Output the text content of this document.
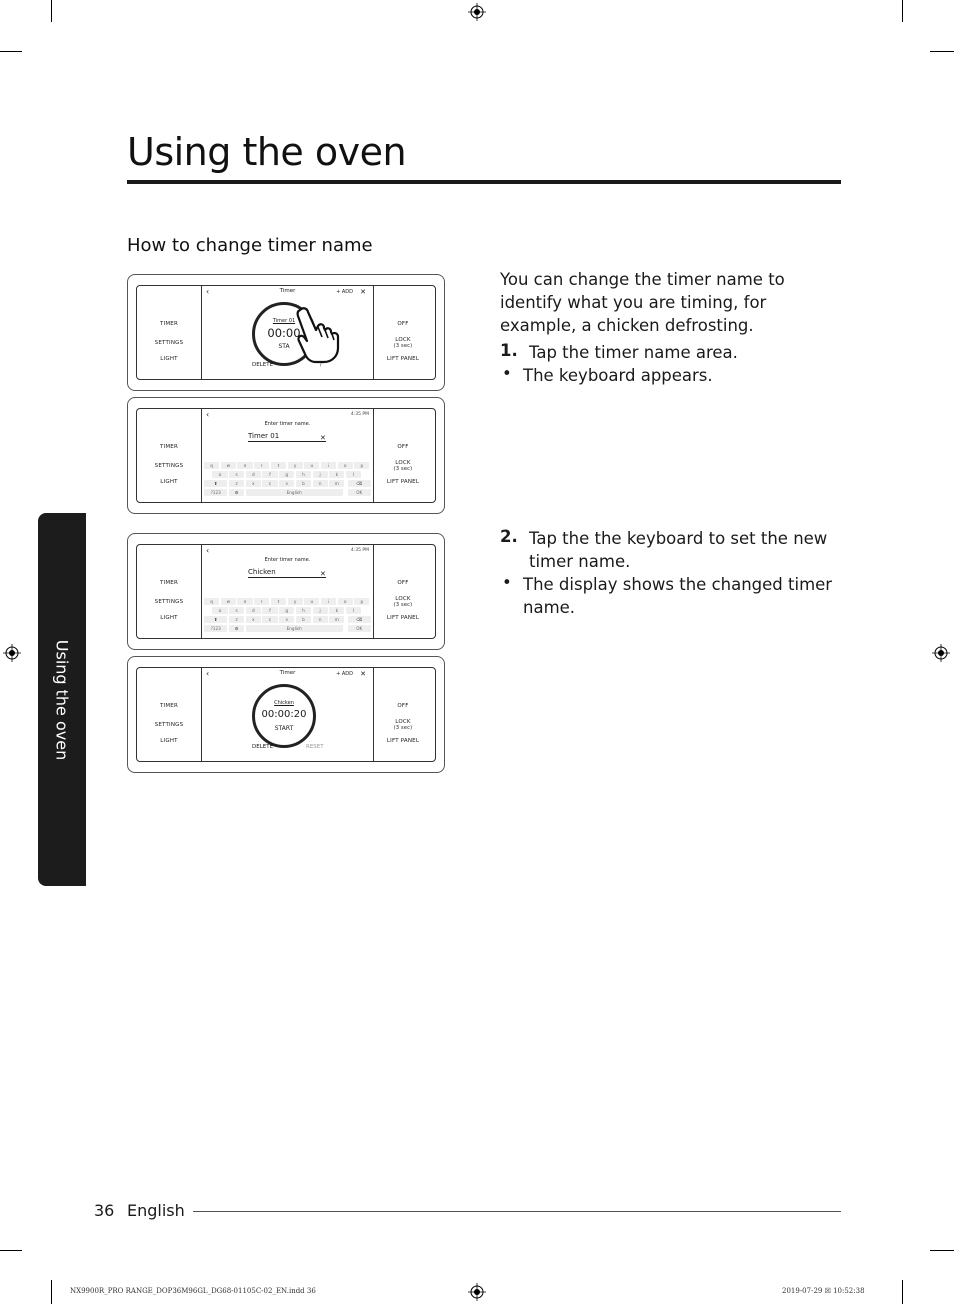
Using the oven
How to change timer name
Using the oven
TIMER
SETTINGS
LIGHT
OFF
LOCK
(3 sec)
LIFT PANEL
‹	Timer	+ ADD ✕
Timer 01
00:00
STA
DELETE	/
TIMER
SETTINGS
LIGHT
OFF
LOCK
(3 sec)
LIFT PANEL
‹	4:35 PM
Enter timer name.
Timer 01	✕
q	w	e	r	t	y	u	i	o	p
a	s	d	f	g	h	j	k	l
⬆	z	x	c	v	b	n	m	⌫
?123	⚙	English	OK
TIMER
SETTINGS
LIGHT
OFF
LOCK
(3 sec)
LIFT PANEL
‹	4:35 PM
Enter timer name.
Chicken	✕
q	w	e	r	t	y	u	i	o	p
a	s	d	f	g	h	j	k	l
⬆	z	x	c	v	b	n	m	⌫
?123	⚙	English	OK
TIMER
SETTINGS
LIGHT
OFF
LOCK
(3 sec)
LIFT PANEL
‹	Timer	+ ADD ✕
Chicken
00:00:20
START
DELETE	RESET
You can change the timer name to identify what you are timing, for example, a chicken defrosting.
1. Tap the timer name area.
• The keyboard appears.
2. Tap the the keyboard to set the new timer name.
• The display shows the changed timer name.
36 English
NX9900R_PRO RANGE_DOP36M96GL_DG68-01105C-02_EN.indd 36	2019-07-29 ☒ 10:52:38
